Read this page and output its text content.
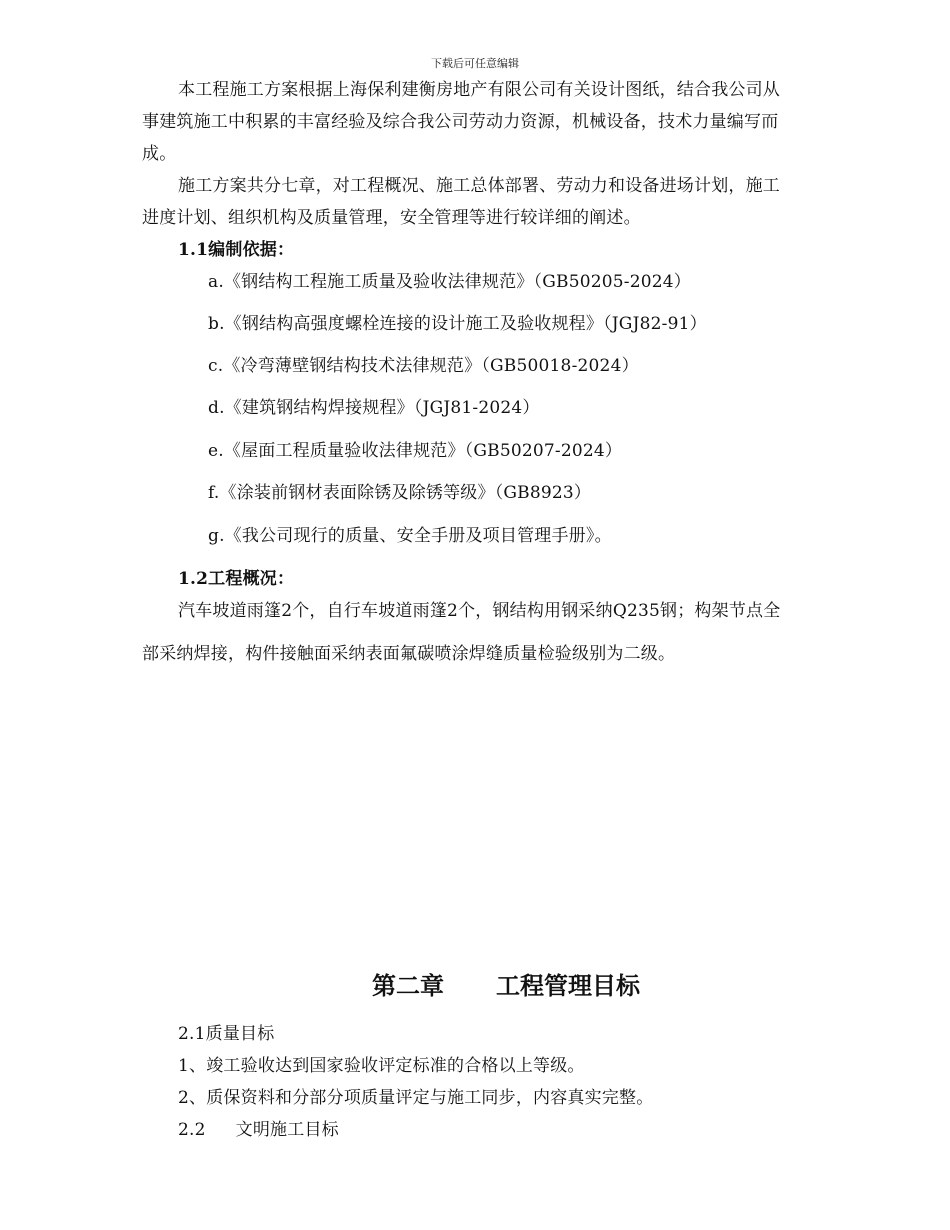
下载后可任意编辑
本工程施工方案根据上海保利建衡房地产有限公司有关设计图纸，结合我公司从
事建筑施工中积累的丰富经验及综合我公司劳动力资源，机械设备，技术力量编写而
成。
施工方案共分七章，对工程概况、施工总体部署、劳动力和设备进场计划，施工
进度计划、组织机构及质量管理，安全管理等进行较详细的阐述。
1.1编制依据：
a.《钢结构工程施工质量及验收法律规范》（GB50205-2024）
b.《钢结构高强度螺栓连接的设计施工及验收规程》（JGJ82-91）
c.《冷弯薄壁钢结构技术法律规范》（GB50018-2024）
d.《建筑钢结构焊接规程》（JGJ81-2024）
e.《屋面工程质量验收法律规范》（GB50207-2024）
f.《涂装前钢材表面除锈及除锈等级》（GB8923）
g.《我公司现行的质量、安全手册及项目管理手册》。
1.2工程概况：
汽车坡道雨篷2个，自行车坡道雨篷2个，钢结构用钢采纳Q235钢；构架节点全
部采纳焊接，构件接触面采纳表面氟碳喷涂焊缝质量检验级别为二级。
第二章 工程管理目标
2.1质量目标
1、竣工验收达到国家验收评定标准的合格以上等级。
2、质保资料和分部分项质量评定与施工同步，内容真实完整。
2.2 文明施工目标
